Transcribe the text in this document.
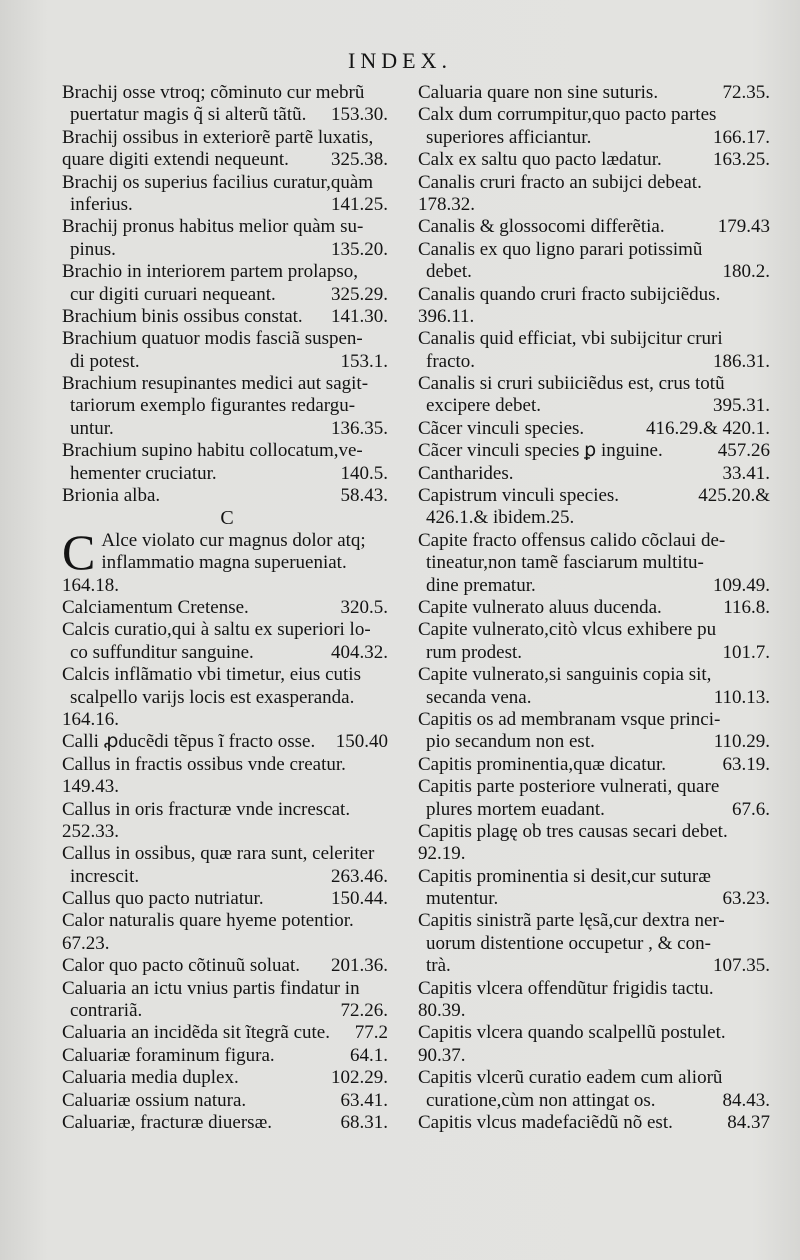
INDEX.
Brachij osse vtroq; cõminuto cur mebrũ
153.30.
puertatur magis q̃ si alterũ tãtũ.
Brachij ossibus in exteriorẽ partẽ luxatis,
325.38.
quare digiti extendi nequeunt.
Brachij os superius facilius curatur,quàm
141.25.
inferius.
Brachij pronus habitus melior quàm su-
135.20.
pinus.
Brachio in interiorem partem prolapso,
325.29.
cur digiti curuari nequeant.
141.30.
Brachium binis ossibus constat.
Brachium quatuor modis fasciã suspen-
153.1.
di potest.
Brachium resupinantes medici aut sagit-
tariorum exemplo figurantes redargu-
136.35.
untur.
Brachium supino habitu collocatum,ve-
140.5.
hementer cruciatur.
58.43.
Brionia alba.
C
C Alce violato cur magnus dolor atq;
inflammatio magna superueniat.
164.18.
320.5.
Calciamentum Cretense.
Calcis curatio,qui à saltu ex superiori lo-
404.32.
co suffunditur sanguine.
Calcis inflãmatio vbi timetur, eius cutis
scalpello varijs locis est exasperanda.
164.16.
150.40
Calli ꝓducẽdi tẽpus ĩ fracto osse.
Callus in fractis ossibus vnde creatur.
149.43.
Callus in oris fracturæ vnde increscat.
252.33.
Callus in ossibus, quæ rara sunt, celeriter
263.46.
increscit.
150.44.
Callus quo pacto nutriatur.
Calor naturalis quare hyeme potentior.
67.23.
201.36.
Calor quo pacto cõtinuũ soluat.
Caluaria an ictu vnius partis findatur in
72.26.
contrariã.
77.2
Caluaria an incidẽda sit ĩtegrã cute.
64.1.
Caluariæ foraminum figura.
102.29.
Caluaria media duplex.
63.41.
Caluariæ ossium natura.
68.31.
Caluariæ, fracturæ diuersæ.
72.35.
Caluaria quare non sine suturis.
Calx dum corrumpitur,quo pacto partes
166.17.
superiores afficiantur.
163.25.
Calx ex saltu quo pacto lædatur.
Canalis cruri fracto an subijci debeat.
178.32.
179.43
Canalis & glossocomi differẽtia.
Canalis ex quo ligno parari potissimũ
180.2.
debet.
Canalis quando cruri fracto subijciẽdus.
396.11.
Canalis quid efficiat, vbi subijcitur cruri
186.31.
fracto.
Canalis si cruri subiiciẽdus est, crus totũ
395.31.
excipere debet.
416.29.& 420.1.
Cãcer vinculi species.
457.26
Cãcer vinculi species ꝑ inguine.
33.41.
Cantharides.
425.20.&
Capistrum vinculi species.
426.1.& ibidem.25.
Capite fracto offensus calido cõclaui de-
tineatur,non tamẽ fasciarum multitu-
109.49.
dine prematur.
116.8.
Capite vulnerato aluus ducenda.
Capite vulnerato,citò vlcus exhibere pu
101.7.
rum prodest.
Capite vulnerato,si sanguinis copia sit,
110.13.
secanda vena.
Capitis os ad membranam vsque princi-
110.29.
pio secandum non est.
63.19.
Capitis prominentia,quæ dicatur.
Capitis parte posteriore vulnerati, quare
67.6.
plures mortem euadant.
Capitis plagę ob tres causas secari debet.
92.19.
Capitis prominentia si desit,cur suturæ
63.23.
mutentur.
Capitis sinistrã parte lęsã,cur dextra ner-
uorum distentione occupetur , & con-
107.35.
trà.
Capitis vlcera offendũtur frigidis tactu.
80.39.
Capitis vlcera quando scalpellũ postulet.
90.37.
Capitis vlcerũ curatio eadem cum aliorũ
84.43.
curatione,cùm non attingat os.
84.37
Capitis vlcus madefaciẽdũ nõ est.
